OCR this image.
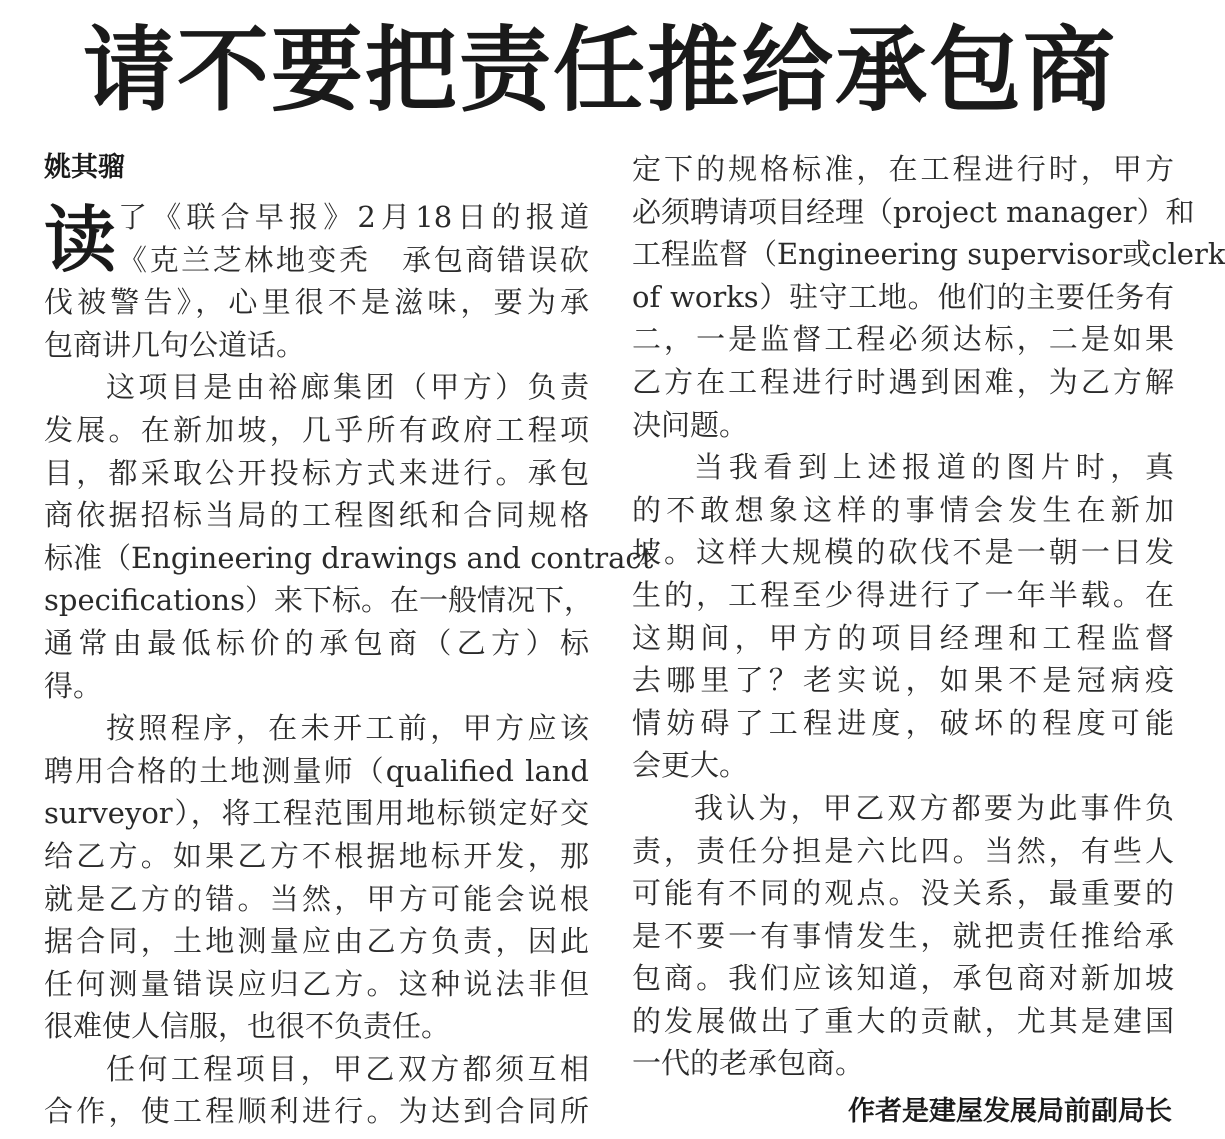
请不要把责任推给承包商
姚其骝
读 了《联合早报》2月18日的报道
《克兰芝林地变秃　承包商错误砍
伐被警告》，心里很不是滋味，要为承
包商讲几句公道话。
这项目是由裕廊集团（甲方）负责
发展。在新加坡，几乎所有政府工程项
目，都采取公开投标方式来进行。承包
商依据招标当局的工程图纸和合同规格
标准（Engineering drawings and contract
specifications）来下标。在一般情况下，
通常由最低标价的承包商（乙方）标
得。
按照程序，在未开工前，甲方应该
聘用合格的土地测量师（qualified land
surveyor），将工程范围用地标锁定好交
给乙方。如果乙方不根据地标开发，那
就是乙方的错。当然，甲方可能会说根
据合同，土地测量应由乙方负责，因此
任何测量错误应归乙方。这种说法非但
很难使人信服，也很不负责任。
任何工程项目，甲乙双方都须互相
合作，使工程顺利进行。为达到合同所
定下的规格标准，在工程进行时，甲方
必须聘请项目经理（project manager）和
工程监督（Engineering supervisor或clerk
of works）驻守工地。他们的主要任务有
二，一是监督工程必须达标，二是如果
乙方在工程进行时遇到困难，为乙方解
决问题。
当我看到上述报道的图片时，真
的不敢想象这样的事情会发生在新加
坡。这样大规模的砍伐不是一朝一日发
生的，工程至少得进行了一年半载。在
这期间，甲方的项目经理和工程监督
去哪里了？老实说，如果不是冠病疫
情妨碍了工程进度，破坏的程度可能
会更大。
我认为，甲乙双方都要为此事件负
责，责任分担是六比四。当然，有些人
可能有不同的观点。没关系，最重要的
是不要一有事情发生，就把责任推给承
包商。我们应该知道，承包商对新加坡
的发展做出了重大的贡献，尤其是建国
一代的老承包商。
作者是建屋发展局前副局长
